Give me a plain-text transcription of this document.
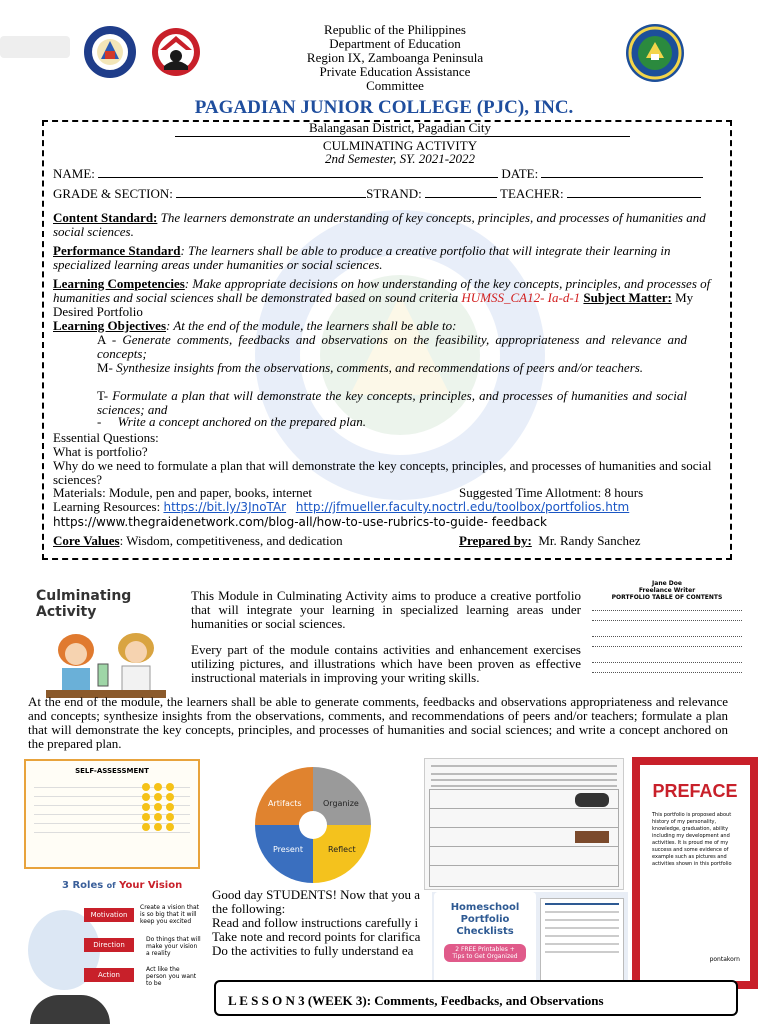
Republic of the Philippines
Department of Education
Region IX, Zamboanga Peninsula
Private Education Assistance
Committee
PAGADIAN JUNIOR COLLEGE (PJC), INC.
Balangasan District, Pagadian City
CULMINATING ACTIVITY
2nd Semester, SY. 2021-2022
NAME:	DATE:
GRADE & SECTION:	STRAND:	TEACHER:
Content Standard: The learners demonstrate an understanding of key concepts, principles, and processes of humanities and social sciences.
Performance Standard: The learners shall be able to produce a creative portfolio that will integrate their learning in specialized learning areas under humanities or social sciences.
Learning Competencies: Make appropriate decisions on how understanding of the key concepts, principles, and processes of humanities and social sciences shall be demonstrated based on sound criteria HUMSS_CA12- Ia-d-1 Subject Matter: My Desired Portfolio
Learning Objectives: At the end of the module, the learners shall be able to:
A - Generate comments, feedbacks and observations on the feasibility, appropriateness and relevance and concepts;
M- Synthesize insights from the observations, comments, and recommendations of peers and/or teachers.
T- Formulate a plan that will demonstrate the key concepts, principles, and processes of humanities and social sciences; and
- Write a concept anchored on the prepared plan.
Essential Questions:
What is portfolio?
Why do we need to formulate a plan that will demonstrate the key concepts, principles, and processes of humanities and social sciences?
Materials: Module, pen and paper, books, internet	Suggested Time Allotment: 8 hours
Learning Resources: https://bit.ly/3JnoTAr http://jfmueller.faculty.noctrl.edu/toolbox/portfolios.htm
https://www.thegraidenetwork.com/blog-all/how-to-use-rubrics-to-guide- feedback
Core Values: Wisdom, competitiveness, and dedication	Prepared by: Mr. Randy Sanchez
Culminating Activity
This Module in Culminating Activity aims to produce a creative portfolio that will integrate your learning in specialized learning areas under humanities or social sciences.
Every part of the module contains activities and enhancement exercises utilizing pictures, and illustrations which have been proven as effective instructional materials in improving your writing skills.
Jane Doe
Freelance Writer
PORTFOLIO TABLE OF CONTENTS
At the end of the module, the learners shall be able to generate comments, feedbacks and observations appropriateness and relevance and concepts; synthesize insights from the observations, comments, and recommendations of peers and/or teachers; formulate a plan that will demonstrate the key concepts, principles, and processes of humanities and social sciences; and write a concept anchored on the prepared plan.
SELF-ASSESSMENT
Artifacts	Organize
Present	Reflect
PREFACE
This portfolio is proposed about history of my personality, knowledge, graduation, ability including my development and activities. It is proud me of my success and some evidence of example such as pictures and activities shown in this portfolio
pontakorn
3 Roles of Your Vision
Motivation
Direction
Action
Create a vision that is so big that it will keep you excited
Do things that will make your vision a reality
Act like the person you want to be
Good day STUDENTS! Now that you a
the following:
Read and follow instructions carefully i
Take note and record points for clarifica
Do the activities to fully understand ea
Homeschool
Portfolio
Checklists
2 FREE Printables +
Tips to Get Organized
L E S S O N 3 (WEEK 3): Comments, Feedbacks, and Observations
